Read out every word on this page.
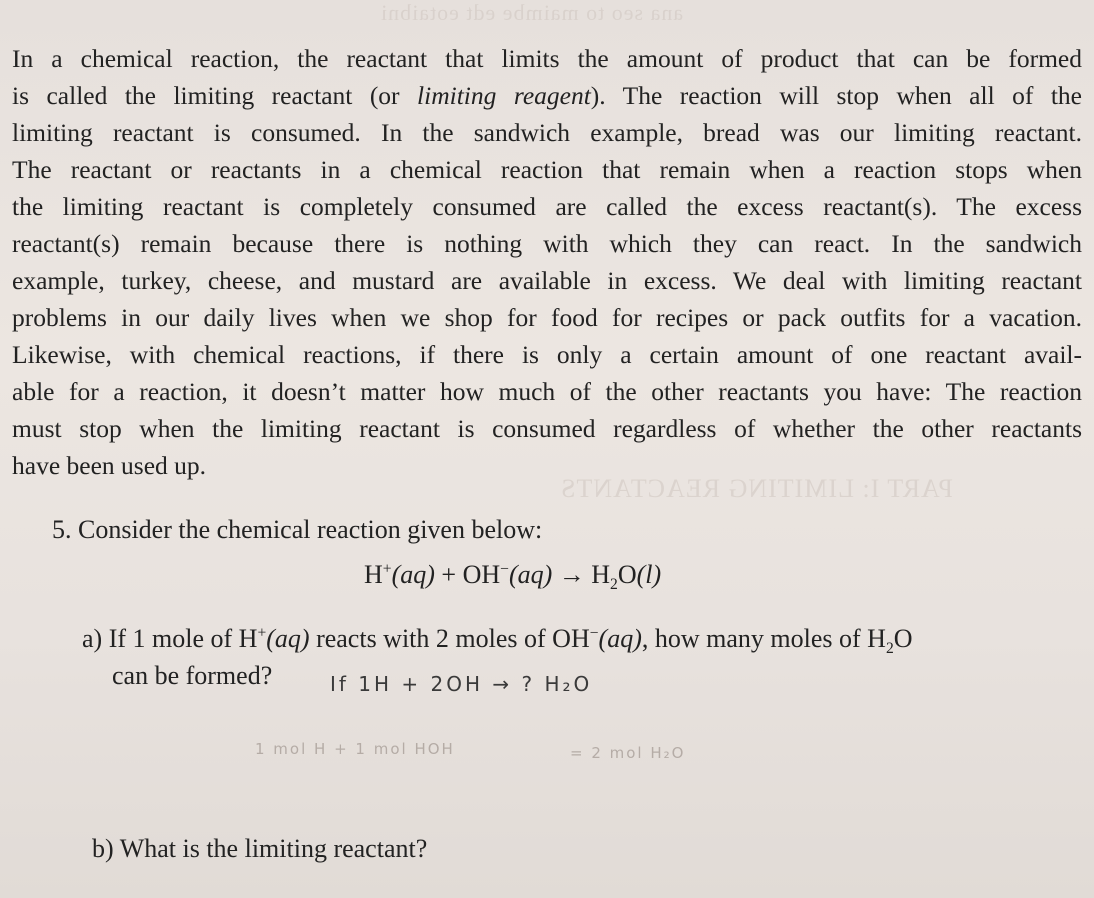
ana seo to maimbe edt eotaibni
PART I: LIMITING REACTANTS
In a chemical reaction, the reactant that limits the amount of product that can be formed
is called the limiting reactant (or limiting reagent). The reaction will stop when all of the
limiting reactant is consumed. In the sandwich example, bread was our limiting reactant.
The reactant or reactants in a chemical reaction that remain when a reaction stops when
the limiting reactant is completely consumed are called the excess reactant(s). The excess
reactant(s) remain because there is nothing with which they can react. In the sandwich
example, turkey, cheese, and mustard are available in excess. We deal with limiting reactant
problems in our daily lives when we shop for food for recipes or pack outfits for a vacation.
Likewise, with chemical reactions, if there is only a certain amount of one reactant avail-
able for a reaction, it doesn’t matter how much of the other reactants you have: The reaction
must stop when the limiting reactant is consumed regardless of whether the other reactants
have been used up.
5. Consider the chemical reaction given below:
$H^+(aq) + OH^-(aq) \to H_2O(l)$
a) If 1 mole of H+(aq) reacts with 2 moles of OH−(aq), how many moles of $H_2O$
can be formed?	If 1H + 2OH → ? H₂O
1 mol H + 1 mol HOH	= 2 mol H₂O
b) What is the limiting reactant?
